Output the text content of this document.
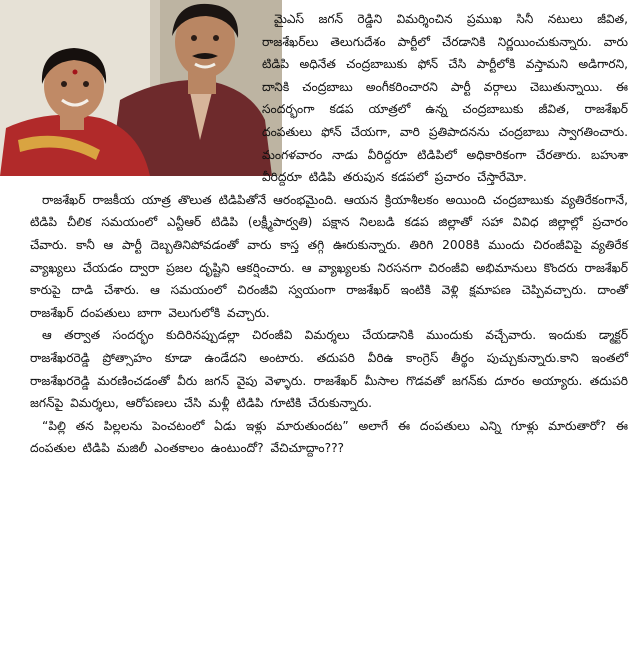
మైఎస్ జగన్ రెడ్డిని విమర్శించిన ప్రముఖ సినీ నటులు జీవిత, రాజశేఖర్‌లు తెలుగుదేశం పార్టీలో చేరడానికి నిర్ణయించుకున్నారు. వారు టిడిపి అధినేత చంద్రబాబుకు ఫోన్ చేసి పార్టీలోకి వస్తామని అడిగారని, దానికి చంద్రబాబు అంగీకరించారని పార్టీ వర్గాలు చెబుతున్నాయి. ఈ సందర్భంగా కడప యాత్రలో ఉన్న చంద్రబాబుకు జీవిత, రాజశేఖర్ దంపతులు ఫోన్ చేయగా, వారి ప్రతిపాదనను చంద్రబాబు స్వాగతించారు. మంగళవారం నాడు వీరిద్దరూ టిడిపిలో అధికారికంగా చేరతారు. బహుశా వీరిద్దరూ టిడిపి తరుపున కడపలో ప్రచారం చేస్తారేమో.

రాజశేఖర్ రాజకీయ యాత్ర తొలుత టిడిపితోనే ఆరంభమైంది. ఆయన క్రియాశీలకం అయింది చంద్రబాబుకు వ్యతిరేకంగానే, టిడిపి చీలిక సమయంలో ఎన్టీఆర్ టిడిపి (లక్ష్మీపార్వతి) పక్షాన నిలబడి కడప జిల్లాతో సహా వివిధ జిల్లాల్లో ప్రచారం చేవారు. కానీ ఆ పార్టీ దెబ్బతినిపోవడంతో వారు కాస్త తగ్గి ఊరుకున్నారు. తిరిగి 2008కి ముందు చిరంజీవిపై వ్యతిరేక వ్యాఖ్యలు చేయడం ద్వారా ప్రజల దృష్టిని ఆకర్షించారు. ఆ వ్యాఖ్యలకు నిరసనగా చిరంజీవి అభిమానులు కొందరు రాజశేఖర్ కారుపై దాడి చేశారు. ఆ సమయంలో చిరంజీవి స్వయంగా రాజశేఖర్ ఇంటికి వెళ్లి క్షమాపణ చెప్పివచ్చారు. దాంతో రాజశేఖర్ దంపతులు బాగా వెలుగులోకి వచ్చారు.

ఆ తర్వాత సందర్భం కుదిరినప్పుడల్లా చిరంజీవి విమర్శలు చేయడానికి ముందుకు వచ్చేవారు. ఇందుకు డ్మాక్టర్ రాజశేఖరరెడ్డి ప్రోత్సాహం కూడా ఉండేదని అంటారు. తదుపరి వీరిఉ కాంగ్రెస్ తీర్థం పుచ్చుకున్నారు.కాని ఇంతలో రాజశేఖరరెడ్డి మరణించడంతో వీరు జగన్ వైపు వెళ్ళారు. రాజశేఖర్ మీసాల గొడవతో జగన్‌కు దూరం అయ్యారు. తదుపరి జగన్‌పై విమర్శలు, ఆరోపణలు చేసి మళ్లీ టిడిపి గూటికి చేరుకున్నారు.

“పిల్లి తన పిల్లలను పెంచటంలో ఏడు ఇళ్లు మారుతుందట” అలాగే ఈ దంపతులు ఎన్ని గూళ్లు మారుతారో? ఈ దంపతుల టిడిపి మజిలీ ఎంతకాలం ఉంటుందో? వేచిచూద్దాం???
